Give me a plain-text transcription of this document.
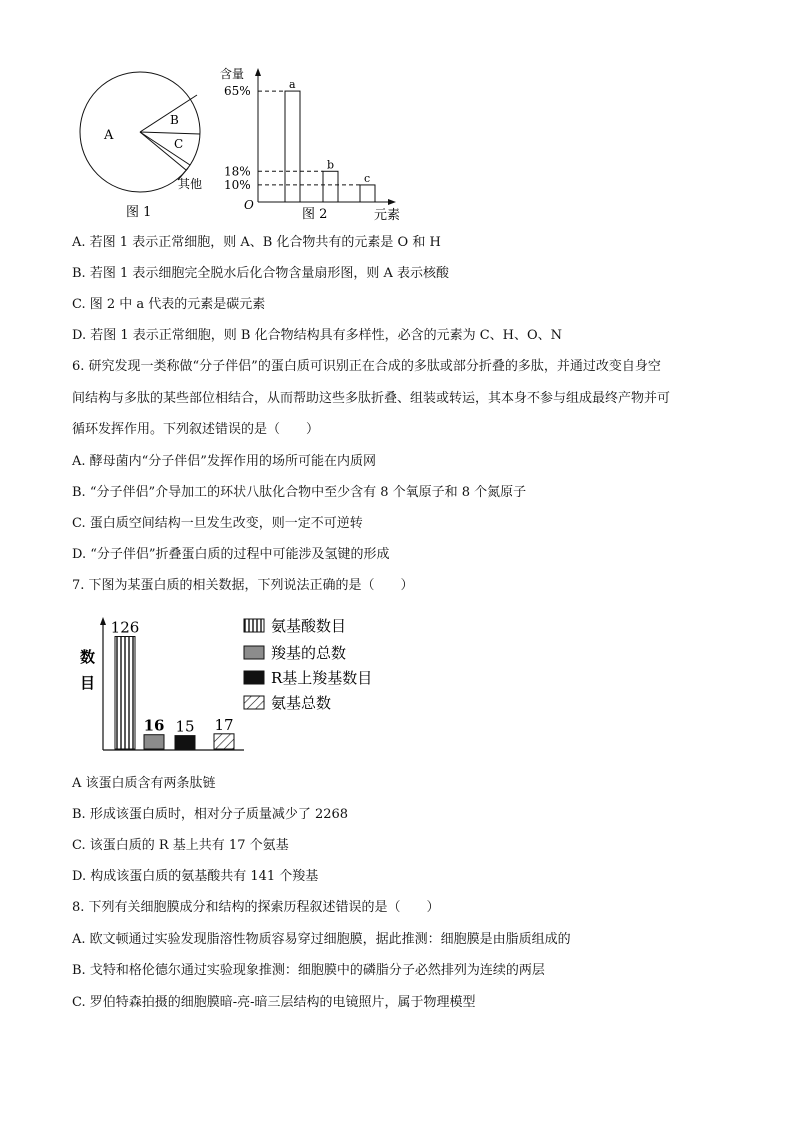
A
B
C
其他
图 1
含量
O
元素
图 2
a
65%
b
18%
c
10%
A. 若图 1 表示正常细胞，则 A、B 化合物共有的元素是 O 和 H
B. 若图 1 表示细胞完全脱水后化合物含量扇形图，则 A 表示核酸
C. 图 2 中 a 代表的元素是碳元素
D. 若图 1 表示正常细胞，则 B 化合物结构具有多样性，必含的元素为 C、H、O、N
6. 研究发现一类称做“分子伴侣”的蛋白质可识别正在合成的多肽或部分折叠的多肽，并通过改变自身空
间结构与多肽的某些部位相结合，从而帮助这些多肽折叠、组装或转运，其本身不参与组成最终产物并可
循环发挥作用。下列叙述错误的是（　　）
A. 酵母菌内“分子伴侣”发挥作用的场所可能在内质网
B. “分子伴侣”介导加工的环状八肽化合物中至少含有 8 个氧原子和 8 个氮原子
C. 蛋白质空间结构一旦发生改变，则一定不可逆转
D. “分子伴侣”折叠蛋白质的过程中可能涉及氢键的形成
7. 下图为某蛋白质的相关数据，下列说法正确的是（　　）
数
目
126
16 15 17
氨基酸数目
羧基的总数
R基上羧基数目
氨基总数
A 该蛋白质含有两条肽链
B. 形成该蛋白质时，相对分子质量减少了 2268
C. 该蛋白质的 R 基上共有 17 个氨基
D. 构成该蛋白质的氨基酸共有 141 个羧基
8. 下列有关细胞膜成分和结构的探索历程叙述错误的是（　　）
A. 欧文顿通过实验发现脂溶性物质容易穿过细胞膜，据此推测：细胞膜是由脂质组成的
B. 戈特和格伦德尔通过实验现象推测：细胞膜中的磷脂分子必然排列为连续的两层
C. 罗伯特森拍摄的细胞膜暗-亮-暗三层结构的电镜照片，属于物理模型
